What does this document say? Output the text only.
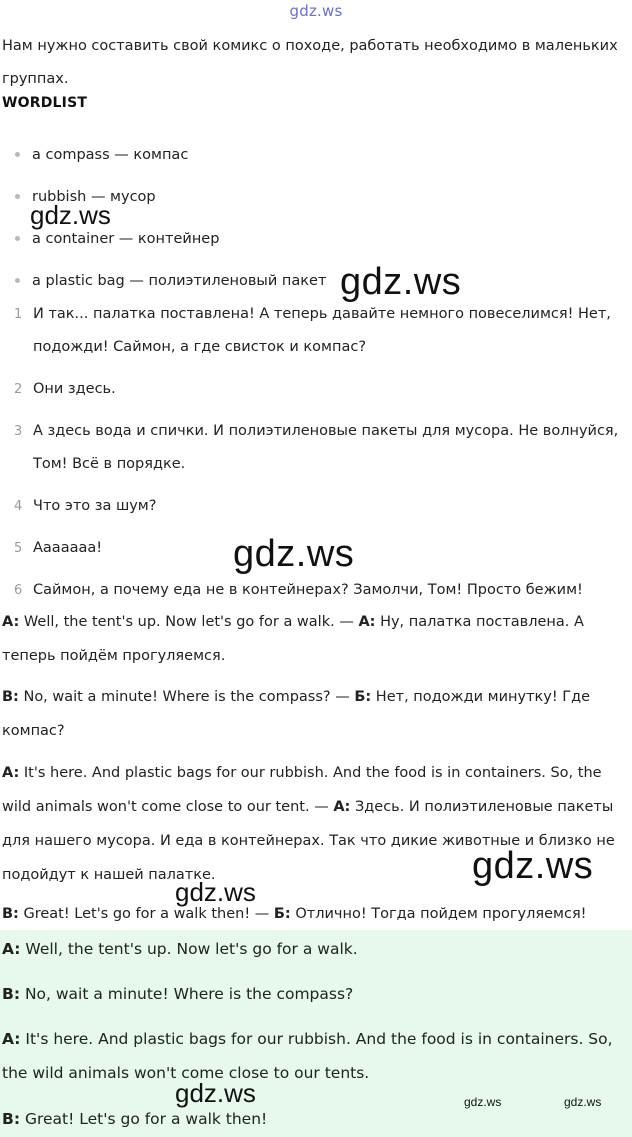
gdz.ws
Нам нужно составить свой комикс о походе, работать необходимо в маленьких группах.
WORDLIST
a compass — компас
rubbish — мусор
a container — контейнер
a plastic bag — полиэтиленовый пакет
1 И так... палатка поставлена! А теперь давайте немного повеселимся! Нет, подожди! Саймон, а где свисток и компас?
2 Они здесь.
3 А здесь вода и спички. И полиэтиленовые пакеты для мусора. Не волнуйся, Том! Всё в порядке.
4 Что это за шум?
5 Ааааааа!
6 Саймон, а почему еда не в контейнерах? Замолчи, Том! Просто бежим!
A: Well, the tent's up. Now let's go for a walk. — А: Ну, палатка поставлена. А теперь пойдём прогуляемся.
B: No, wait a minute! Where is the compass? — Б: Нет, подожди минутку! Где компас?
A: It's here. And plastic bags for our rubbish. And the food is in containers. So, the wild animals won't come close to our tent. — А: Здесь. И полиэтиленовые пакеты для нашего мусора. И еда в контейнерах. Так что дикие животные и близко не подойдут к нашей палатке.
B: Great! Let's go for a walk then! — Б: Отлично! Тогда пойдем прогуляемся!
A: Well, the tent's up. Now let's go for a walk.
B: No, wait a minute! Where is the compass?
A: It's here. And plastic bags for our rubbish. And the food is in containers. So, the wild animals won't come close to our tents.
B: Great! Let's go for a walk then!
gdz.ws
gdz.ws
gdz.ws
gdz.ws
gdz.ws
gdz.ws	gdz.ws	gdz.ws
